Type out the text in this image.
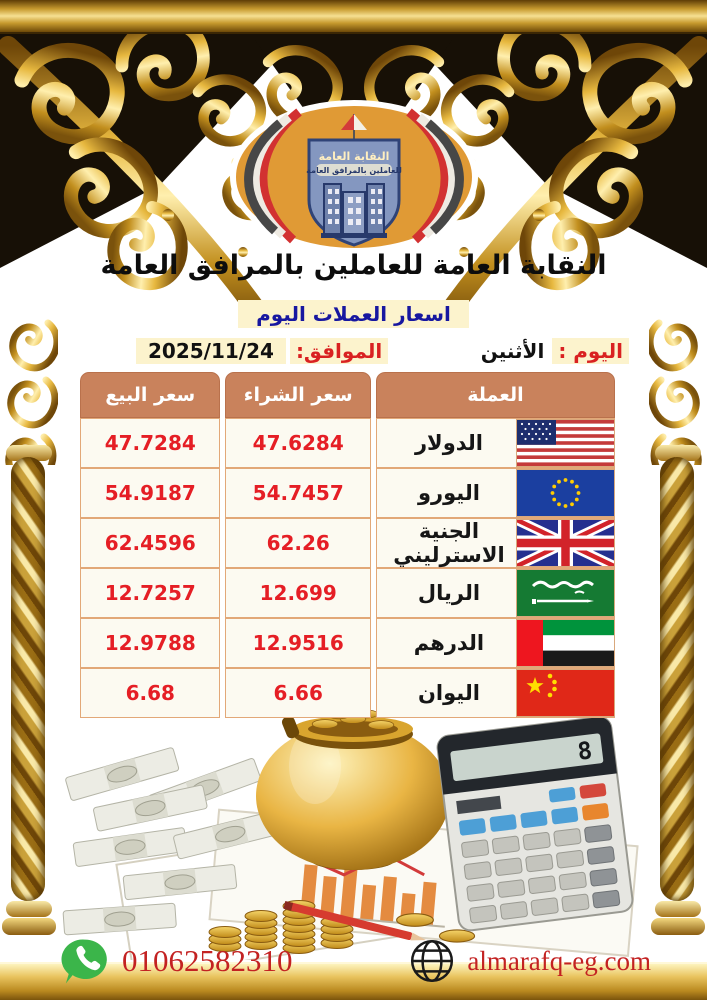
النقابة العامة
للعاملين بالمرافق العامة
النقابة العامة للعاملين بالمرافق العامة
اسعار العملات اليوم
اليوم :
الأثنين
الموافق:
2025/11/24
العملة	سعر الشراء	سعر البيع

الدولار	47.6284	47.7284

اليورو	54.7457	54.9187

الجنية الاسترليني	62.26	62.4596

الريال	12.699	12.7257

الدرهم	12.9516	12.9788

اليوان	6.66	6.68
8
01062582310	almarafq-eg.com
